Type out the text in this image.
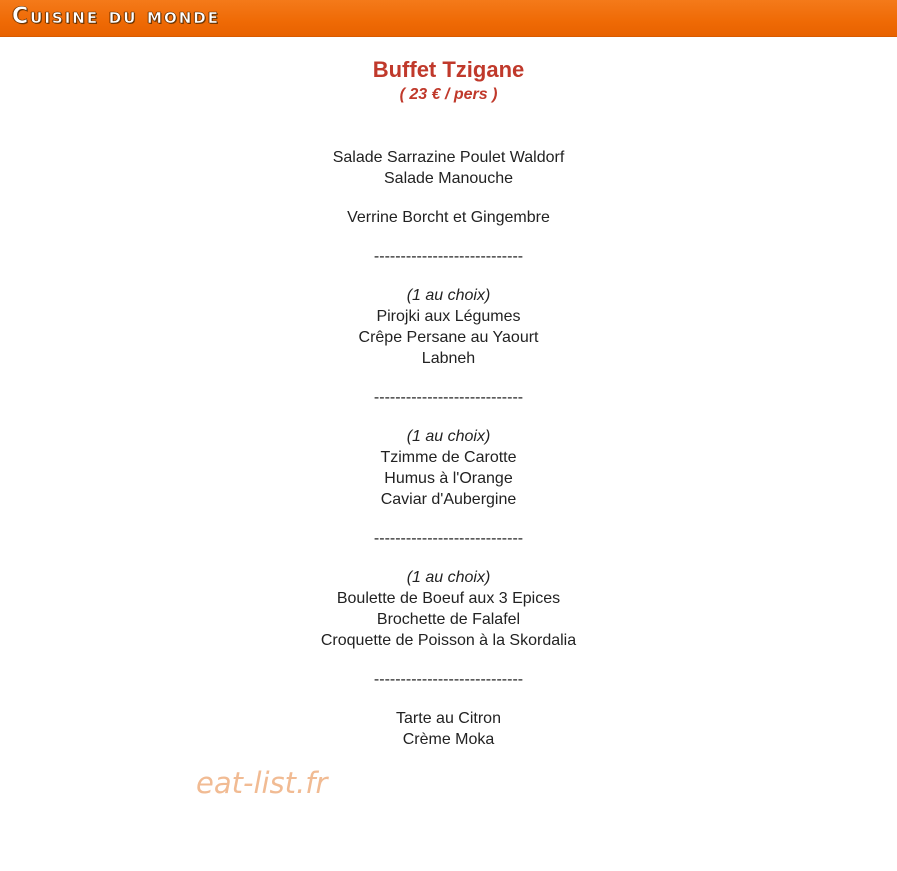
Cuisine du monde
Buffet Tzigane
( 23 € / pers )
Salade Sarrazine Poulet Waldorf
Salade Manouche
Verrine Borcht et Gingembre
----------------------------
(1 au choix)
Pirojki aux Légumes
Crêpe Persane au Yaourt
Labneh
----------------------------
(1 au choix)
Tzimme de Carotte
Humus à l'Orange
Caviar d'Aubergine
----------------------------
(1 au choix)
Boulette de Boeuf aux 3 Epices
Brochette de Falafel
Croquette de Poisson à la Skordalia
----------------------------
Tarte au Citron
Crème Moka
eat-list.fr
